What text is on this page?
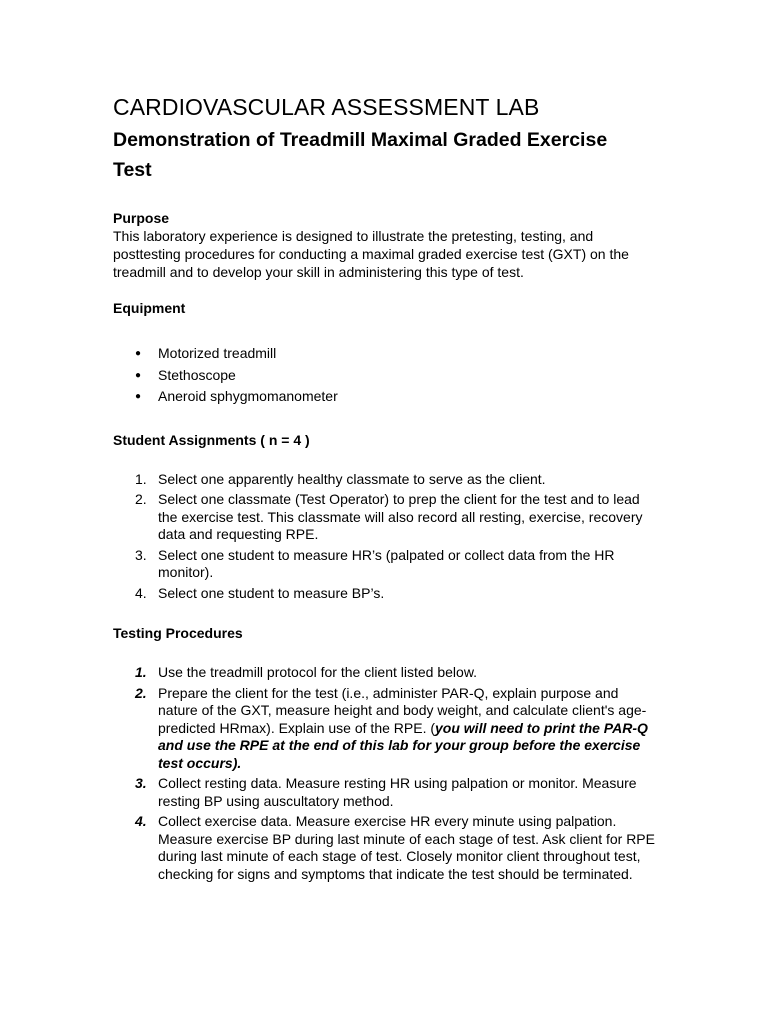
CARDIOVASCULAR ASSESSMENT LAB
Demonstration of Treadmill Maximal Graded Exercise
Test
Purpose

This laboratory experience is designed to illustrate the pretesting, testing, and posttesting procedures for conducting a maximal graded exercise test (GXT) on the treadmill and to develop your skill in administering this type of test.

Equipment
● Motorized treadmill
● Stethoscope
● Aneroid sphygmomanometer
Student Assignments ( n = 4 )
1. Select one apparently healthy classmate to serve as the client.
2. Select one classmate (Test Operator) to prep the client for the test and to lead the exercise test. This classmate will also record all resting, exercise, recovery data and requesting RPE.
3. Select one student to measure HR’s (palpated or collect data from the HR monitor).
4. Select one student to measure BP’s.
Testing Procedures
1. Use the treadmill protocol for the client listed below.
2. Prepare the client for the test (i.e., administer PAR-Q, explain purpose and nature of the GXT, measure height and body weight, and calculate client's age-predicted HRmax). Explain use of the RPE. (you will need to print the PAR-Q and use the RPE at the end of this lab for your group before the exercise test occurs).
3. Collect resting data. Measure resting HR using palpation or monitor. Measure resting BP using auscultatory method.
4. Collect exercise data. Measure exercise HR every minute using palpation. Measure exercise BP during last minute of each stage of test. Ask client for RPE during last minute of each stage of test. Closely monitor client throughout test, checking for signs and symptoms that indicate the test should be terminated.
